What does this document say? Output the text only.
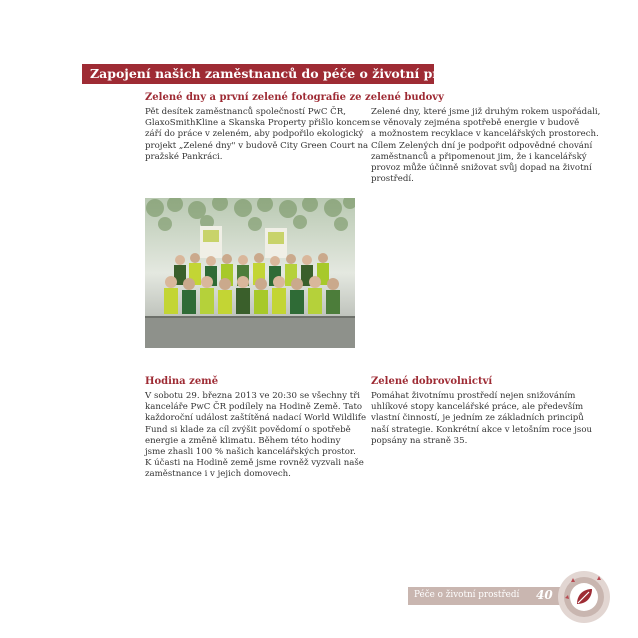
Zapojení našich zaměstnanců do péče o životní prostředí
Zelené dny a první zelené fotografie ze zelené budovy
Pět desítek zaměstnanců společností PwC ČR,
GlaxoSmithKline a Skanska Property přišlo koncem
září do práce v zeleném, aby podpořilo ekologický
projekt „Zelené dny" v budově City Green Court na
pražské Pankráci.
Zelené dny, které jsme již druhým rokem uspořádali,
se věnovaly zejména spotřebě energie v budově
a možnostem recyklace v kancelářských prostorech.
Cílem Zelených dní je podpořit odpovědné chování
zaměstnanců a připomenout jim, že i kancelářský
provoz může účinně snižovat svůj dopad na životní
prostředí.
Hodina země
V sobotu 29. března 2013 ve 20:30 se všechny tři
kanceláře PwC ČR podílely na Hodině Země. Tato
každoroční událost zaštítěná nadací World Wildlife
Fund si klade za cíl zvýšit povědomí o spotřebě
energie a změně klimatu. Během této hodiny
jsme zhasli 100 % našich kancelářských prostor.
K účasti na Hodině země jsme rovněž vyzvali naše
zaměstnance i v jejich domovech.
Zelené dobrovolnictví
Pomáhat životnímu prostředí nejen snižováním
uhlíkové stopy kancelářské práce, ale především
vlastní činností, je jedním ze základních principů
naší strategie. Konkrétní akce v letošním roce jsou
popsány na straně 35.
Péče o životní prostředí 40
